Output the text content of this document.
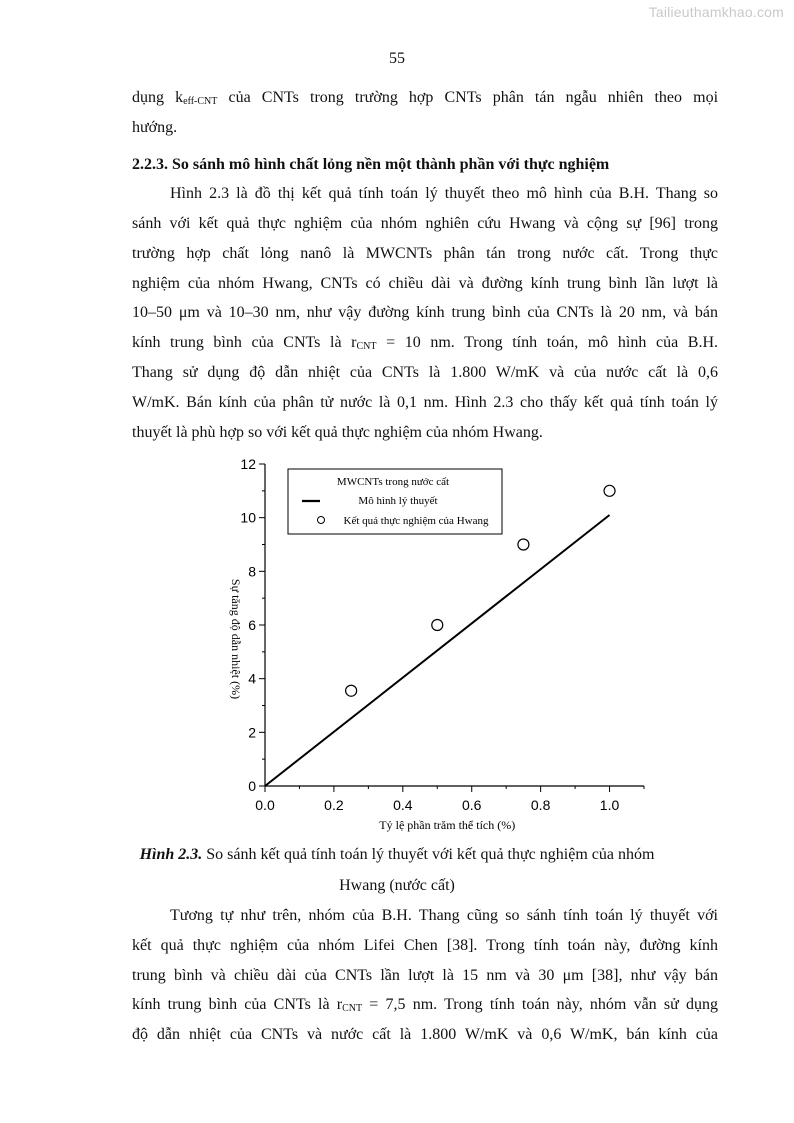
Tailieuthamkhao.com
55
dụng $k_{eff-CNT}$ của CNTs trong trường hợp CNTs phân tán ngẫu nhiên theo mọi
hướng.
2.2.3. So sánh mô hình chất lỏng nền một thành phần với thực nghiệm
Hình 2.3 là đồ thị kết quả tính toán lý thuyết theo mô hình của B.H. Thang so
sánh với kết quả thực nghiệm của nhóm nghiên cứu Hwang và cộng sự [96] trong
trường hợp chất lỏng nanô là MWCNTs phân tán trong nước cất. Trong thực
nghiệm của nhóm Hwang, CNTs có chiều dài và đường kính trung bình lần lượt là
10–50 μm và 10–30 nm, như vậy đường kính trung bình của CNTs là 20 nm, và bán
kính trung bình của CNTs là $r_{CNT} = 10$ nm. Trong tính toán, mô hình của B.H.
Thang sử dụng độ dẫn nhiệt của CNTs là 1.800 W/mK và của nước cất là 0,6
W/mK. Bán kính của phân tử nước là 0,1 nm. Hình 2.3 cho thấy kết quả tính toán lý
thuyết là phù hợp so với kết quả thực nghiệm của nhóm Hwang.
0
2
4
6
8
10
12
0.0	0.2	0.4	0.6	0.8	1.0
Tỷ lệ phần trăm thể tích (%)
Sự tăng độ dẫn nhiệt (%)
MWCNTs trong nước cất
Mô hình lý thuyết
Kết quả thực nghiệm của Hwang
Hình 2.3. So sánh kết quả tính toán lý thuyết với kết quả thực nghiệm của nhóm
Hwang (nước cất)
Tương tự như trên, nhóm của B.H. Thang cũng so sánh tính toán lý thuyết với
kết quả thực nghiệm của nhóm Lifei Chen [38]. Trong tính toán này, đường kính
trung bình và chiều dài của CNTs lần lượt là 15 nm và 30 μm [38], như vậy bán
kính trung bình của CNTs là $r_{CNT} = 7,5$ nm. Trong tính toán này, nhóm vẫn sử dụng
độ dẫn nhiệt của CNTs và nước cất là 1.800 W/mK và 0,6 W/mK, bán kính của
